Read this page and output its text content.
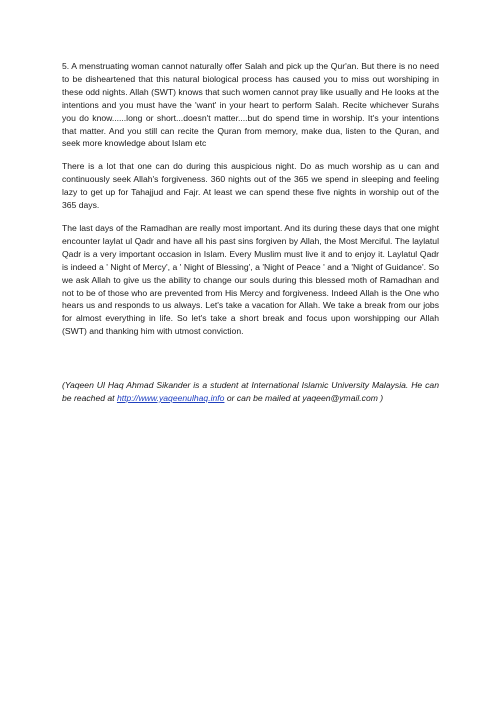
5. A menstruating woman cannot naturally offer Salah and pick up the Qur'an. But there is no need to be disheartened that this natural biological process has caused you to miss out worshiping in these odd nights. Allah (SWT) knows that such women cannot pray like usually and He looks at the intentions and you must have the 'want' in your heart to perform Salah. Recite whichever Surahs you do know......long or short...doesn't matter....but do spend time in worship. It's your intentions that matter. And you still can recite the Quran from memory, make dua, listen to the Quran, and seek more knowledge about Islam etc

There is a lot that one can do during this auspicious night. Do as much worship as u can and continuously seek Allah's forgiveness. 360 nights out of the 365 we spend in sleeping and feeling lazy to get up for Tahajjud and Fajr. At least we can spend these five nights in worship out of the 365 days.

The last days of the Ramadhan are really most important. And its during these days that one might encounter laylat ul Qadr and have all his past sins forgiven by Allah, the Most Merciful. The laylatul Qadr is a very important occasion in Islam. Every Muslim must live it and to enjoy it. Laylatul Qadr is indeed a ' Night of Mercy', a ' Night of Blessing', a 'Night of Peace ' and a 'Night of Guidance'. So we ask Allah to give us the ability to change our souls during this blessed moth of Ramadhan and not to be of those who are prevented from His Mercy and forgiveness. Indeed Allah is the One who hears us and responds to us always. Let's take a vacation for Allah. We take a break from our jobs for almost everything in life. So let's take a short break and focus upon worshipping our Allah (SWT) and thanking him with utmost conviction.

(Yaqeen Ul Haq Ahmad Sikander is a student at International Islamic University Malaysia. He can be reached at http://www.yaqeenulhaq.info or can be mailed at yaqeen@ymail.com )
